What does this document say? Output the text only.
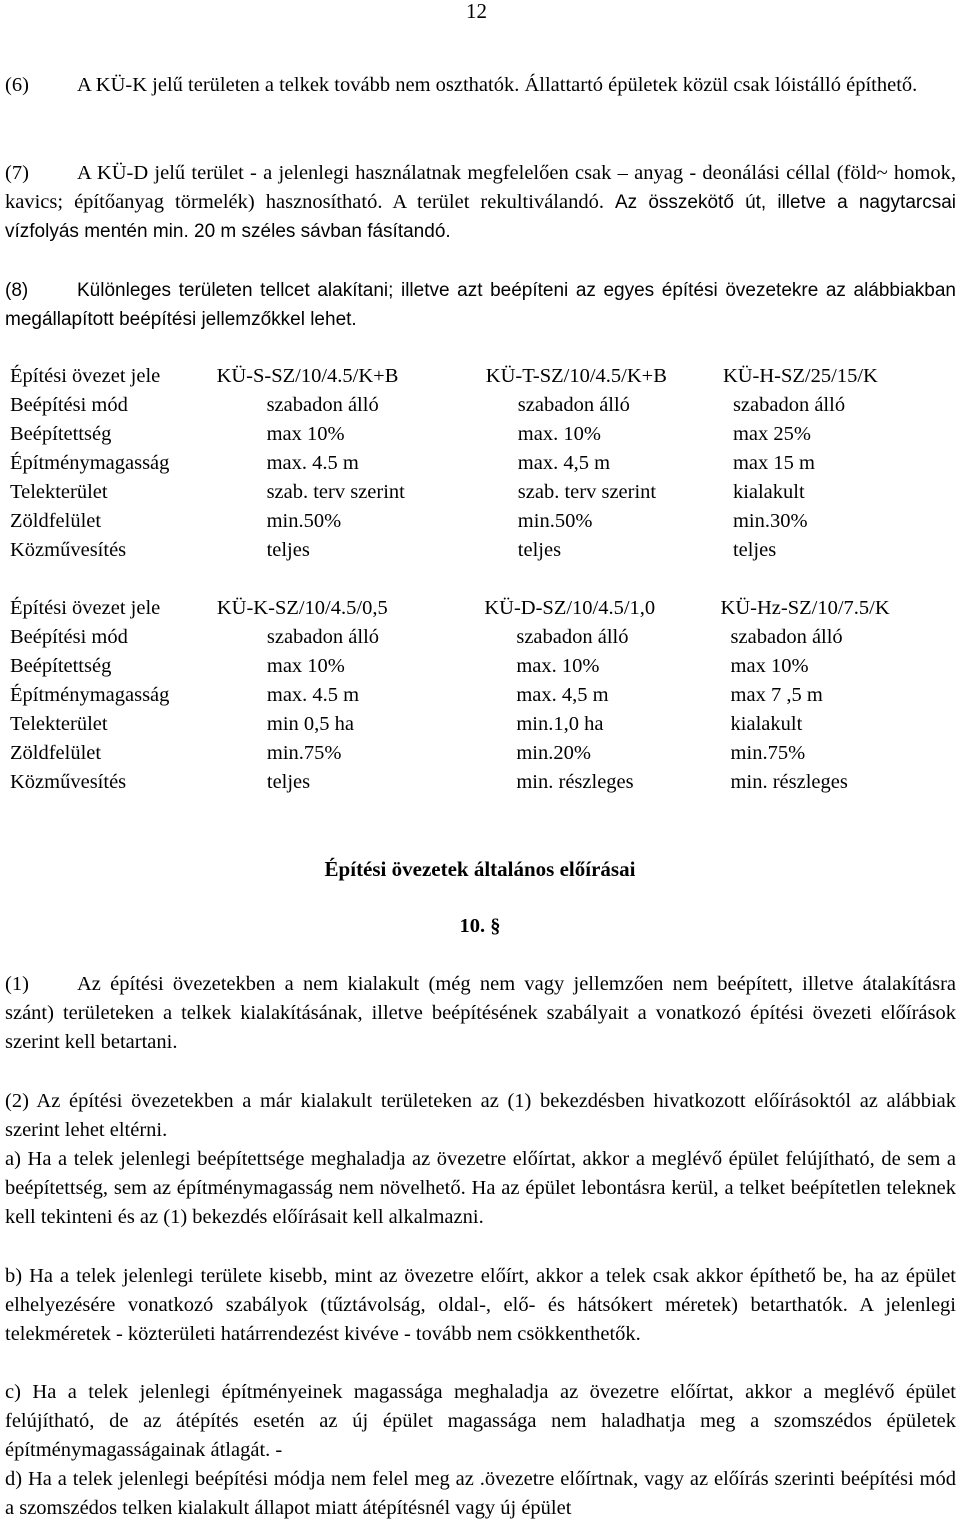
12

(6) A KÜ-K jelű területen a telkek tovább nem oszthatók. Állattartó épületek közül csak lóistálló építhető.

(7) A KÜ-D jelű terület - a jelenlegi használatnak megfelelően csak – anyag - deonálási céllal (föld~ homok, kavics; építőanyag törmelék) hasznosítható. A terület rekultiválandó. Az összekötő út, illetve a nagytarcsai vízfolyás mentén min. 20 m széles sávban fásítandó.

(8)	Különleges területen tellcet alakítani; illetve azt beépíteni az egyes építési övezetekre az alábbiakban megállapított beépítési jellemzőkkel lehet.

Építési övezet jele	KÜ-S-SZ/10/4.5/K+B	KÜ-T-SZ/10/4.5/K+B	KÜ-H-SZ/25/15/K
Beépítési mód	szabadon álló	szabadon álló	szabadon álló
Beépítettség	max 10%	max. 10%	max 25%
Építménymagasság	max. 4.5 m	max. 4,5 m	max 15 m
Telekterület	szab. terv szerint	szab. terv szerint	kialakult
Zöldfelület	min.50%	min.50%	min.30%
Közművesítés	teljes	teljes	teljes
Építési övezet jele	KÜ-K-SZ/10/4.5/0,5	KÜ-D-SZ/10/4.5/1,0	KÜ-Hz-SZ/10/7.5/K
Beépítési mód	szabadon álló	szabadon álló	szabadon álló
Beépítettség	max 10%	max. 10%	max 10%
Építménymagasság	max. 4.5 m	max. 4,5 m	max 7 ,5 m
Telekterület	min 0,5 ha	min.1,0 ha	kialakult
Zöldfelület	min.75%	min.20%	min.75%
Közművesítés	teljes	min. részleges	min. részleges

Építési övezetek általános előírásai

10. §

(1) Az építési övezetekben a nem kialakult (még nem vagy jellemzően nem beépített, illetve átalakításra szánt) területeken a telkek kialakításának, illetve beépítésének szabályait a vonatkozó építési övezeti előírások szerint kell betartani.

(2) Az építési övezetekben a már kialakult területeken az (1) bekezdésben hivatkozott előírásoktól az alábbiak szerint lehet eltérni.

a) Ha a telek jelenlegi beépítettsége meghaladja az övezetre előírtat, akkor a meglévő épület felújítható, de sem a beépítettség, sem az építménymagasság nem növelhető. Ha az épület lebontásra kerül, a telket beépítetlen teleknek kell tekinteni és az (1) bekezdés előírásait kell alkalmazni.

b) Ha a telek jelenlegi területe kisebb, mint az övezetre előírt, akkor a telek csak akkor építhető be, ha az épület elhelyezésére vonatkozó szabályok (tűztávolság, oldal-, elő- és hátsókert méretek) betarthatók. A jelenlegi telekméretek - közterületi határrendezést kivéve - tovább nem csökkenthetők.

c) Ha a telek jelenlegi építményeinek magassága meghaladja az övezetre előírtat, akkor a meglévő épület felújítható, de az átépítés esetén az új épület magassága nem haladhatja meg a szomszédos épületek építménymagasságainak átlagát. -

d) Ha a telek jelenlegi beépítési módja nem felel meg az .övezetre előírtnak, vagy az előírás szerinti beépítési mód a szomszédos telken kialakult állapot miatt átépítésnél vagy új épület
